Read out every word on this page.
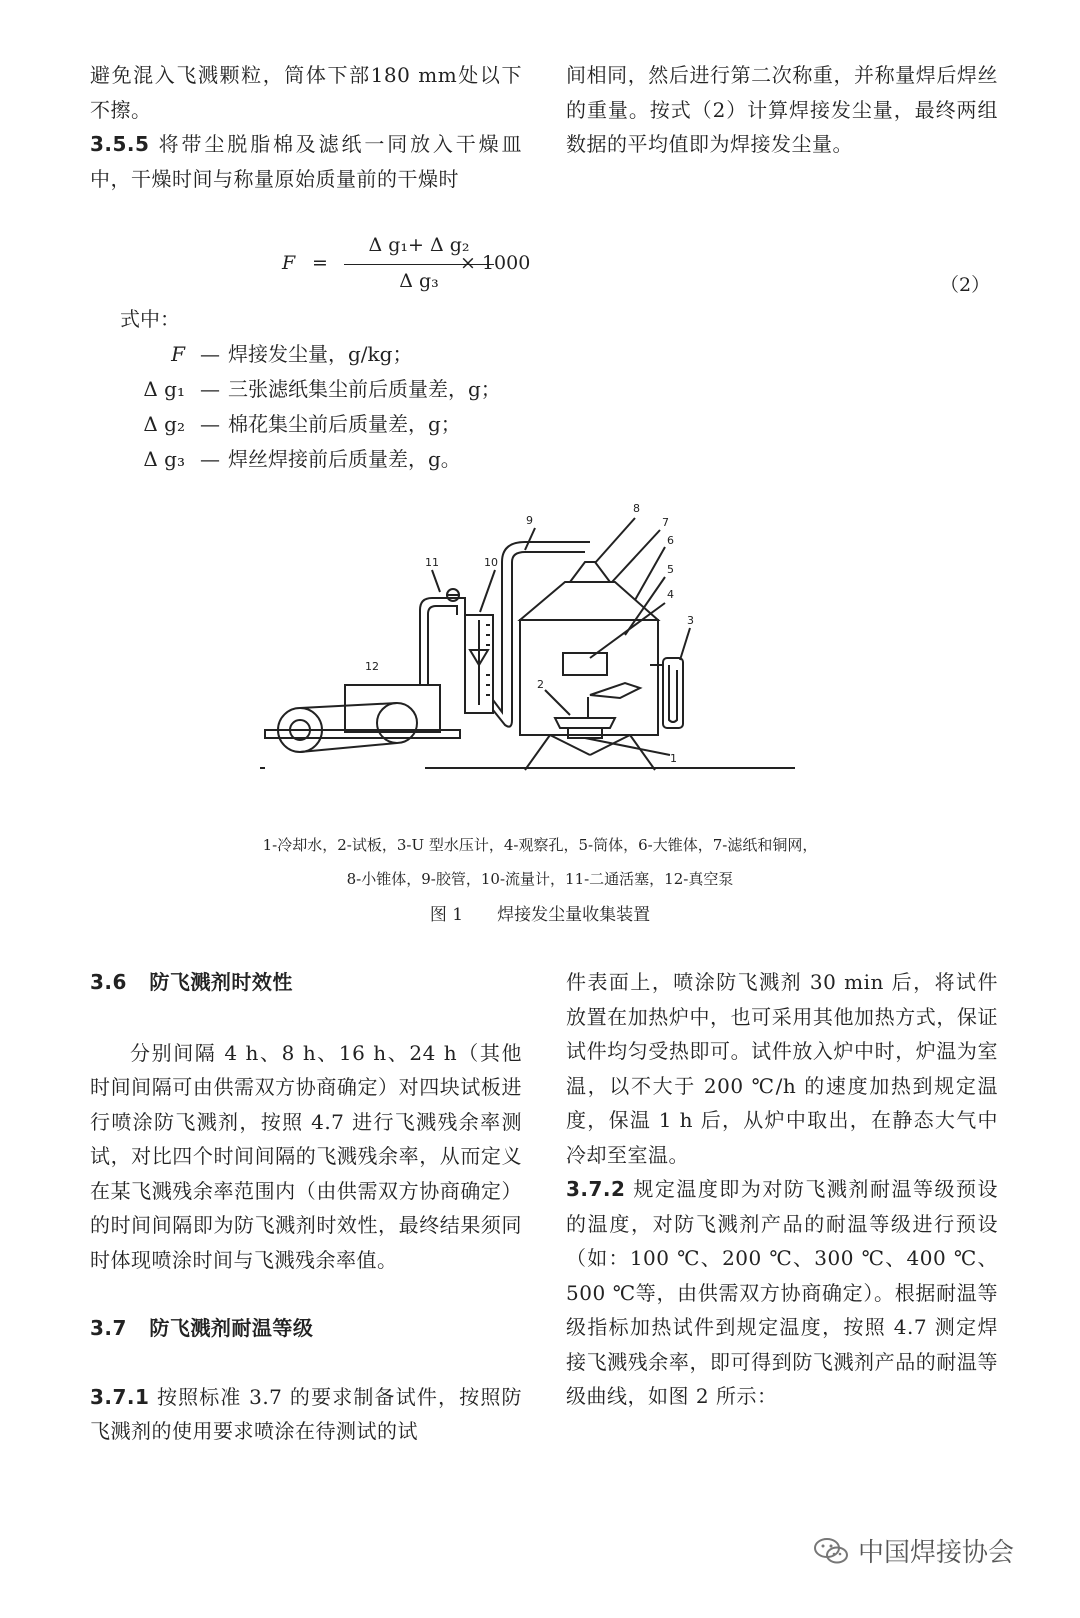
避免混入飞溅颗粒，筒体下部180 mm处以下不擦。

3.5.5 将带尘脱脂棉及滤纸一同放入干燥皿中，干燥时间与称量原始质量前的干燥时

间相同，然后进行第二次称重，并称量焊后焊丝的重量。按式（2）计算焊接发尘量，最终两组数据的平均值即为焊接发尘量。

F =
Δ g₁+ Δ g₂
Δ g₃
× 1000
（2）
式中：
F — 焊接发尘量，g/kg；
Δ g₁ — 三张滤纸集尘前后质量差，g；
Δ g₂ — 棉花集尘前后质量差，g；
Δ g₃ — 焊丝焊接前后质量差，g。
1
2
3
4
5
6
7
8
9
10
11
12
1-冷却水，2-试板，3-U 型水压计，4-观察孔，5-筒体，6-大锥体，7-滤纸和铜网，
8-小锥体，9-胶管，10-流量计，11-二通活塞，12-真空泵
图 1　　焊接发尘量收集装置

3.6 防飞溅剂时效性

分别间隔 4 h、8 h、16 h、24 h（其他时间间隔可由供需双方协商确定）对四块试板进行喷涂防飞溅剂，按照 4.7 进行飞溅残余率测试，对比四个时间间隔的飞溅残余率，从而定义在某飞溅残余率范围内（由供需双方协商确定）的时间间隔即为防飞溅剂时效性，最终结果须同时体现喷涂时间与飞溅残余率值。

3.7 防飞溅剂耐温等级

3.7.1 按照标准 3.7 的要求制备试件，按照防飞溅剂的使用要求喷涂在待测试的试

件表面上，喷涂防飞溅剂 30 min 后，将试件放置在加热炉中，也可采用其他加热方式，保证试件均匀受热即可。试件放入炉中时，炉温为室温，以不大于 200 ℃/h 的速度加热到规定温度，保温 1 h 后，从炉中取出，在静态大气中冷却至室温。

3.7.2 规定温度即为对防飞溅剂耐温等级预设的温度，对防飞溅剂产品的耐温等级进行预设（如：100 ℃、200 ℃、300 ℃、400 ℃、500 ℃等，由供需双方协商确定）。根据耐温等级指标加热试件到规定温度，按照 4.7 测定焊接飞溅残余率，即可得到防飞溅剂产品的耐温等级曲线，如图 2 所示：

中国焊接协会
